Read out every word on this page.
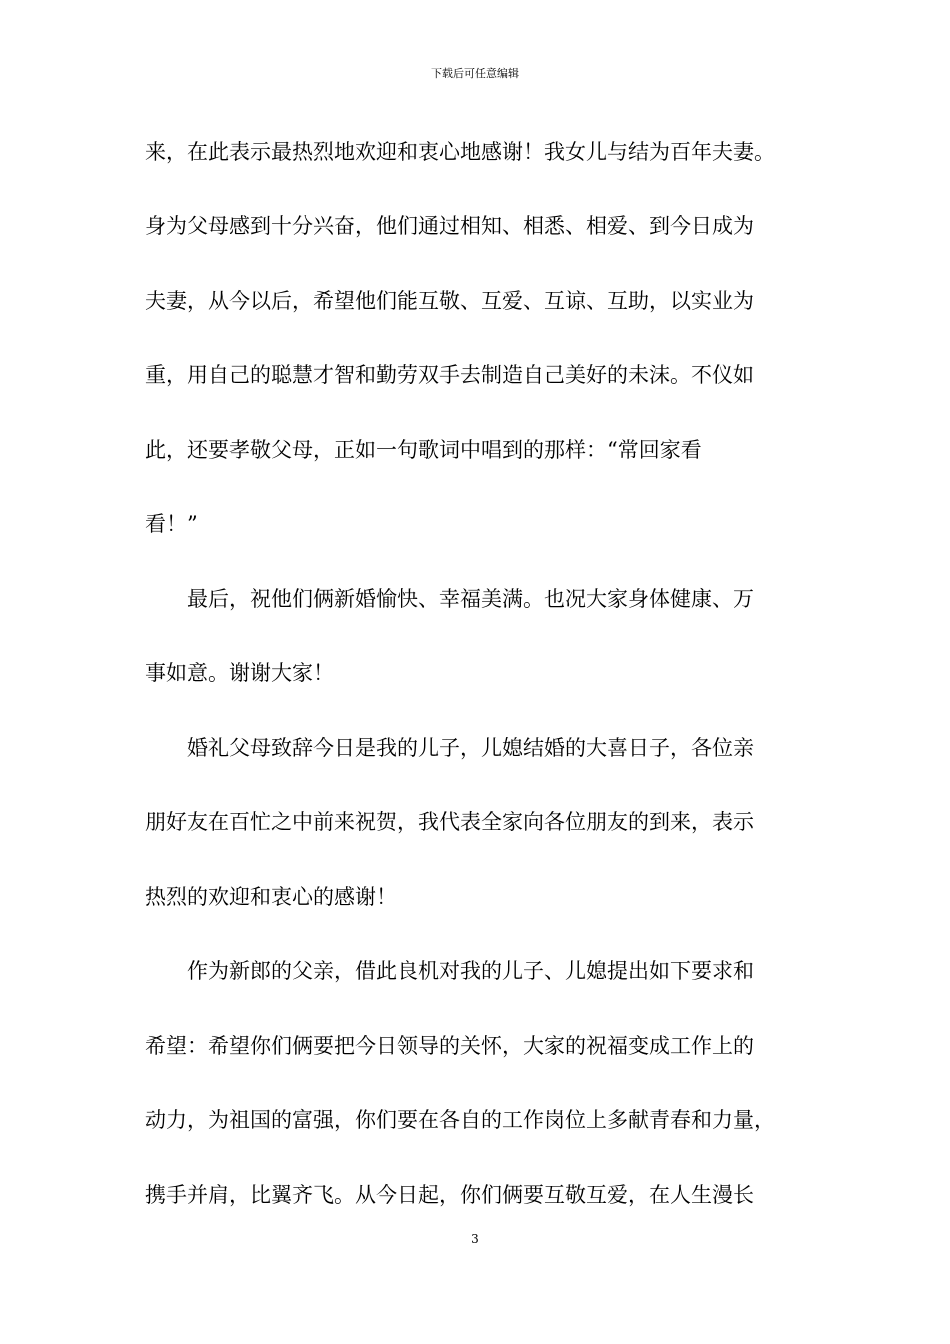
下载后可任意编辑
来，在此表示最热烈地欢迎和衷心地感谢！我女儿与结为百年夫妻。
身为父母感到十分兴奋，他们通过相知、相悉、相爱、到今日成为
夫妻，从今以后，希望他们能互敬、互爱、互谅、互助，以实业为
重，用自己的聪慧才智和勤劳双手去制造自己美好的未沫。不仪如
此，还要孝敬父母，正如一句歌词中唱到的那样：“常回家看
看！”
　　最后，祝他们俩新婚愉快、幸福美满。也况大家身体健康、万
事如意。谢谢大家！
　　婚礼父母致辞今日是我的儿子，儿媳结婚的大喜日子，各位亲
朋好友在百忙之中前来祝贺，我代表全家向各位朋友的到来，表示
热烈的欢迎和衷心的感谢！
　　作为新郎的父亲，借此良机对我的儿子、儿媳提出如下要求和
希望：希望你们俩要把今日领导的关怀，大家的祝福变成工作上的
动力，为祖国的富强，你们要在各自的工作岗位上多献青春和力量，
携手并肩，比翼齐飞。从今日起，你们俩要互敬互爱，在人生漫长
3
